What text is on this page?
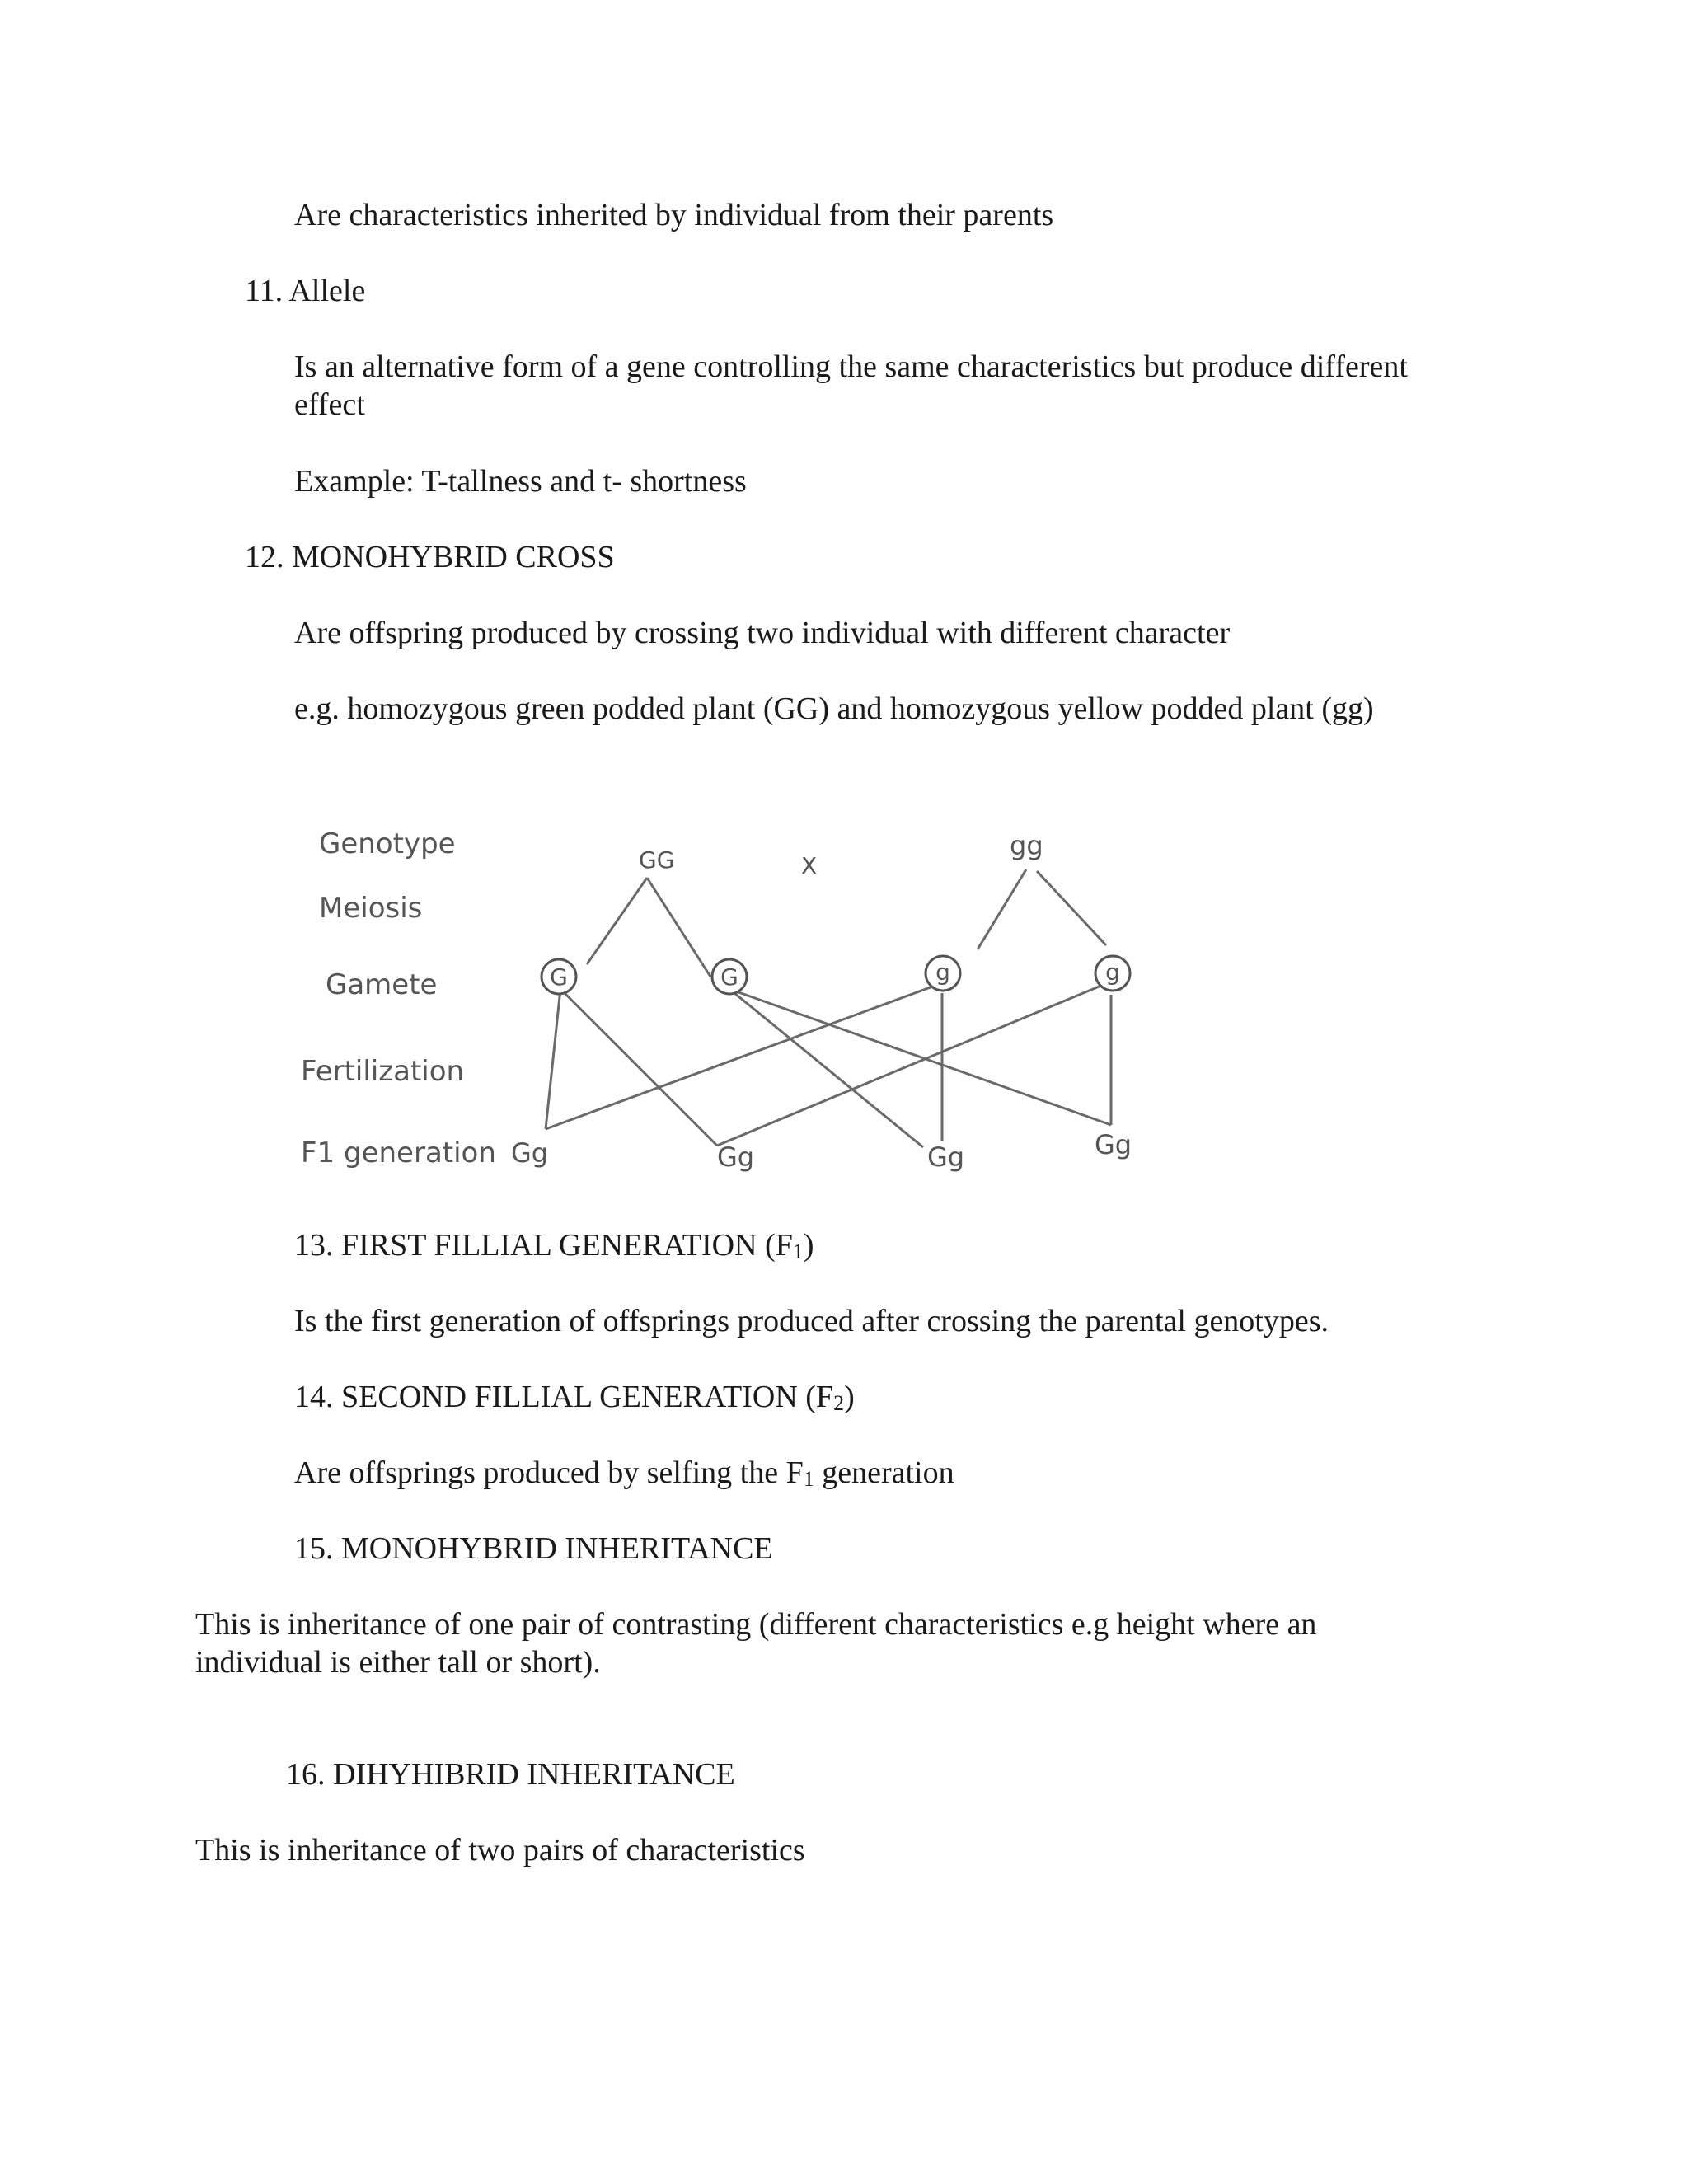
Are characteristics inherited by individual from their parents

11. Allele

Is an alternative form of a gene controlling the same characteristics but produce different effect

Example: T-tallness and t- shortness

12. MONOHYBRID CROSS

Are offspring produced by crossing two individual with different character

e.g. homozygous green podded plant (GG) and homozygous yellow podded plant (gg)

Genotype
Meiosis
Gamete
Fertilization
F1 generation
GG	X
gg
G	G	g	g
Gg	Gg	Gg	Gg

13. FIRST FILLIAL GENERATION $(F_1)$

Is the first generation of offsprings produced after crossing the parental genotypes.

14. SECOND FILLIAL GENERATION $(F_2)$

Are offsprings produced by selfing the $F_1$ generation

15. MONOHYBRID INHERITANCE

This is inheritance of one pair of contrasting (different characteristics e.g height where an individual is either tall or short).

16. DIHYHIBRID INHERITANCE

This is inheritance of two pairs of characteristics
